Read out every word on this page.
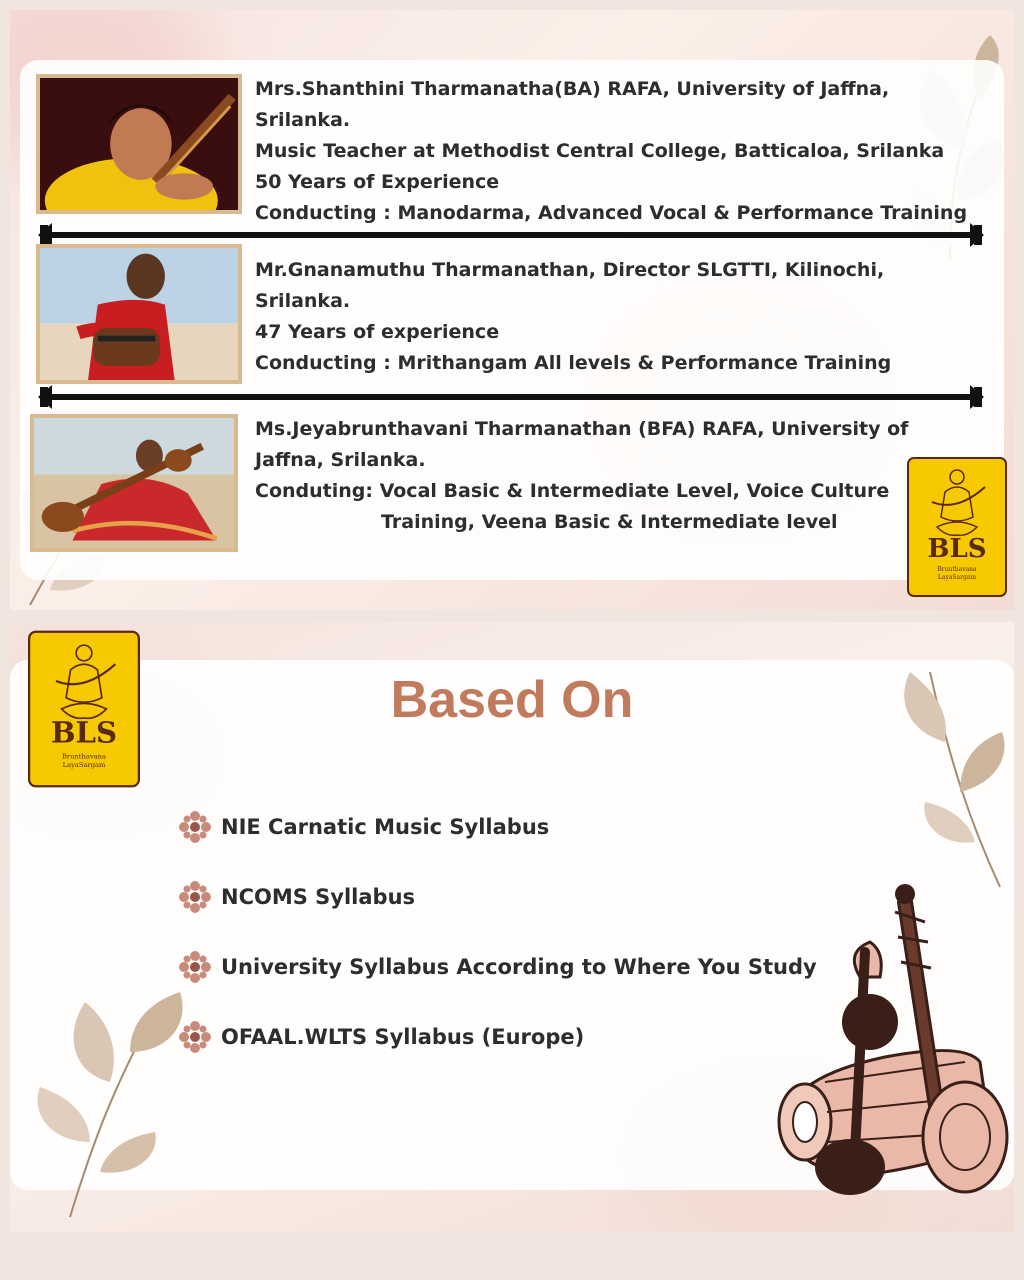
Mrs.Shanthini Tharmanatha(BA) RAFA, University of Jaffna,
Srilanka.
Music Teacher at Methodist Central College, Batticaloa, Srilanka
50 Years of Experience
Conducting : Manodarma, Advanced Vocal & Performance Training
Mr.Gnanamuthu Tharmanathan, Director SLGTTI, Kilinochi,
Srilanka.
47 Years of experience
Conducting : Mrithangam All levels & Performance Training
Ms.Jeyabrunthavani Tharmanathan (BFA) RAFA, University of
Jaffna, Srilanka.
Conduting: Vocal Basic & Intermediate Level, Voice Culture
Training, Veena Basic & Intermediate level
BLS
Brunthavana
LayaSargam
BLS
Brunthavana
LayaSargam
Based On
NIE Carnatic Music Syllabus
NCOMS Syllabus
University Syllabus According to Where You Study
OFAAL.WLTS Syllabus (Europe)
